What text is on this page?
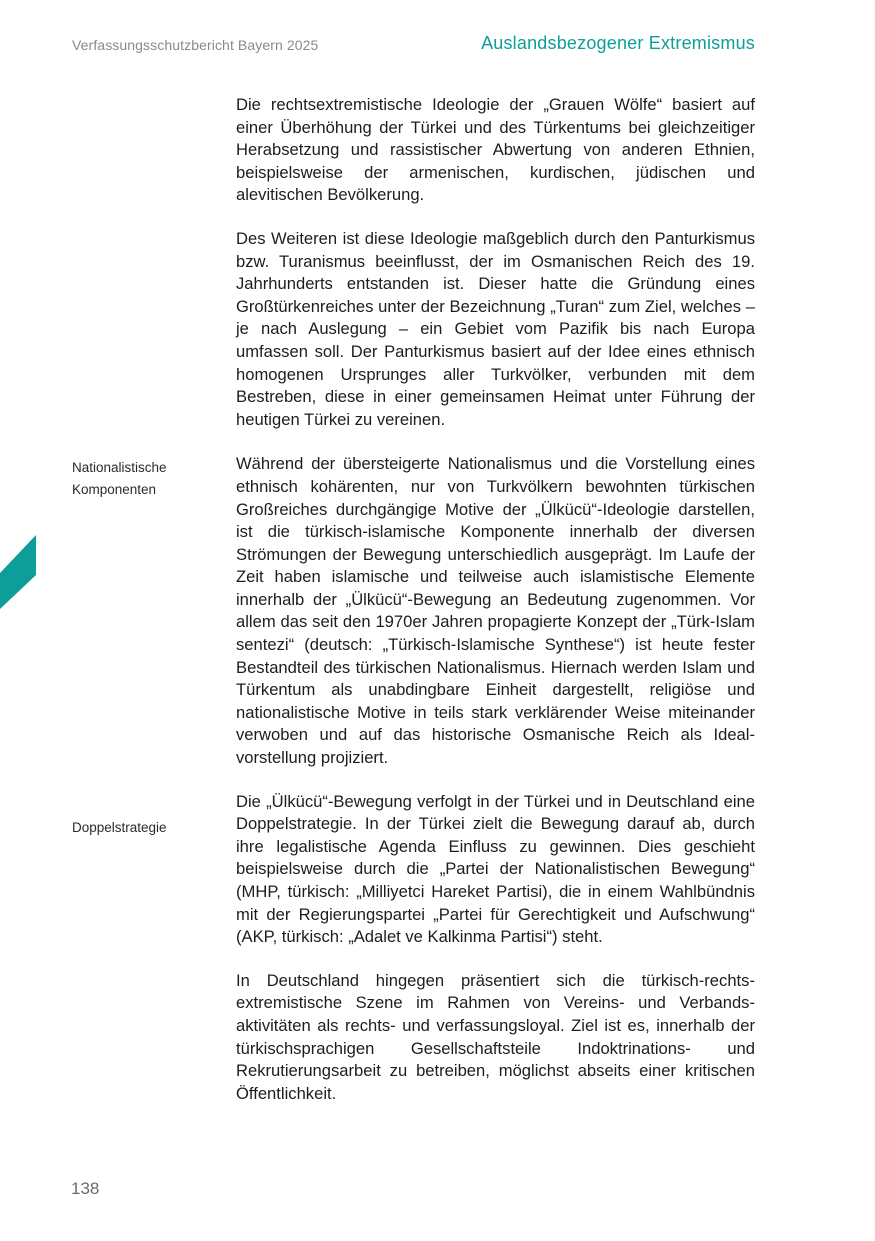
Verfassungsschutzbericht Bayern 2025	Auslandsbezogener Extremismus
Nationalistische
Komponenten
Doppelstrategie

Die rechtsextremistische Ideologie der „Grauen Wölfe“ basiert auf einer Überhöhung der Türkei und des Türkentums bei gleichzeitiger Herabsetzung und rassistischer Abwertung von anderen Ethnien, beispielsweise der armenischen, kurdischen, jüdischen und alevitischen Bevölkerung.

Des Weiteren ist diese Ideologie maßgeblich durch den Panturkismus bzw. Turanismus beeinflusst, der im Osmanischen Reich des 19. Jahrhunderts entstanden ist. Dieser hatte die Gründung eines Großtürkenreiches unter der Bezeichnung „Turan“ zum Ziel, welches – je nach Auslegung – ein Gebiet vom Pazifik bis nach Europa umfassen soll. Der Panturkismus basiert auf der Idee eines ethnisch homogenen Ursprunges aller Turkvölker, verbunden mit dem Bestreben, diese in einer gemeinsamen Heimat unter Führung der heutigen Türkei zu vereinen.

Während der übersteigerte Nationalismus und die Vorstellung eines ethnisch kohärenten, nur von Turkvölkern bewohnten türkischen Großreiches durchgängige Motive der „Ülkücü“-Ideologie darstellen, ist die türkisch-islamische Komponente innerhalb der diversen Strömungen der Bewegung unterschiedlich ausgeprägt. Im Laufe der Zeit haben islamische und teilweise auch islamistische Elemente innerhalb der „Ülkücü“-Bewegung an Bedeutung zugenommen. Vor allem das seit den 1970er Jahren propagierte Konzept der „Türk-Islam sentezi“ (deutsch: „Türkisch-Islamische Synthese“) ist heute fester Bestandteil des türkischen Nationalismus. Hiernach werden Islam und Türkentum als unabdingbare Einheit dargestellt, religiöse und nationalistische Motive in teils stark verklärender Weise miteinander verwoben und auf das historische Osmanische Reich als Idealvorstellung projiziert.

Die „Ülkücü“-Bewegung verfolgt in der Türkei und in Deutschland eine Doppelstrategie. In der Türkei zielt die Bewegung darauf ab, durch ihre legalistische Agenda Einfluss zu gewinnen. Dies geschieht beispielsweise durch die „Partei der Nationalistischen Bewegung“ (MHP, türkisch: „Milliyetci Hareket Partisi), die in einem Wahlbündnis mit der Regierungspartei „Partei für Gerechtigkeit und Aufschwung“ (AKP, türkisch: „Adalet ve Kalkinma Partisi“) steht.

In Deutschland hingegen präsentiert sich die türkisch-rechtsextremistische Szene im Rahmen von Vereins- und Verbandsaktivitäten als rechts- und verfassungsloyal. Ziel ist es, innerhalb der türkischsprachigen Gesellschaftsteile Indoktrinations- und Rekrutierungsarbeit zu betreiben, möglichst abseits einer kritischen Öffentlichkeit.

138
